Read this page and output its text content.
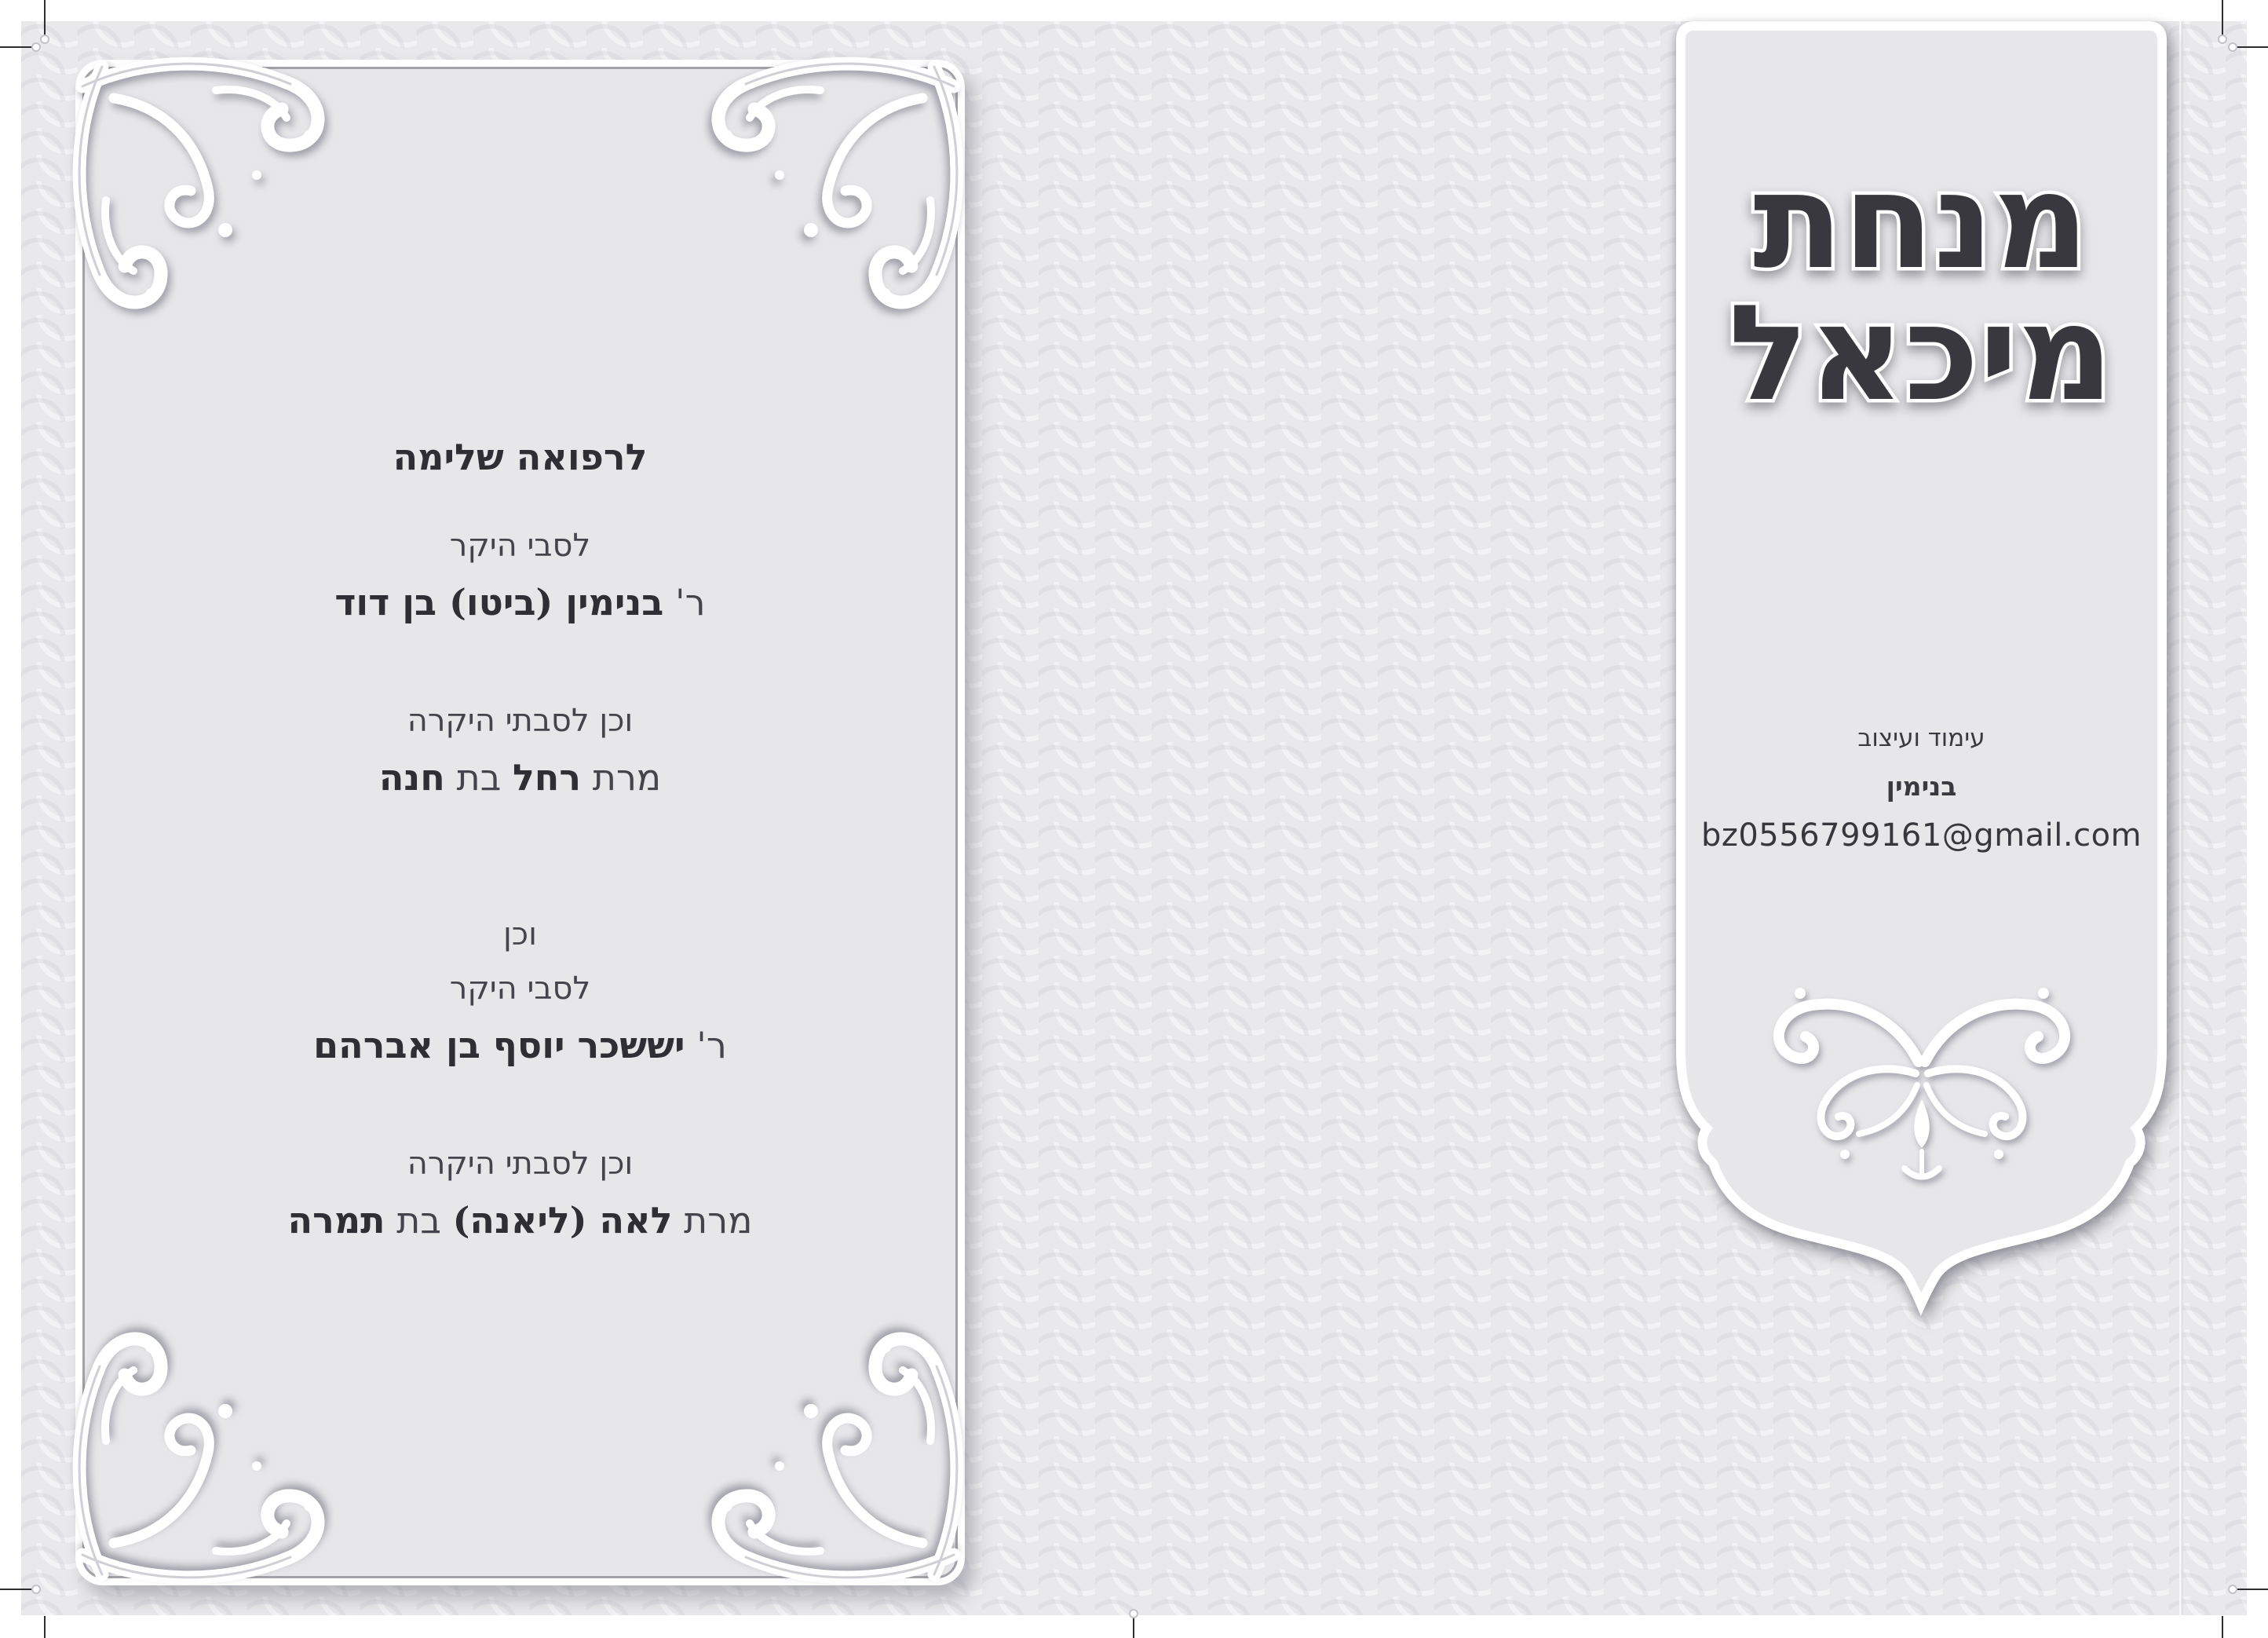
לרפואה שלימה
לסבי היקר
ר' בנימין (ביטו) בן דוד
וכן לסבתי היקרה
מרת רחל בת חנה
וכן
לסבי היקר
ר' יששכר יוסף בן אברהם
וכן לסבתי היקרה
מרת לאה (ליאנה) בת תמרה
מנחת
מיכאל
עימוד ועיצוב
בנימין
bz0556799161@gmail.com
